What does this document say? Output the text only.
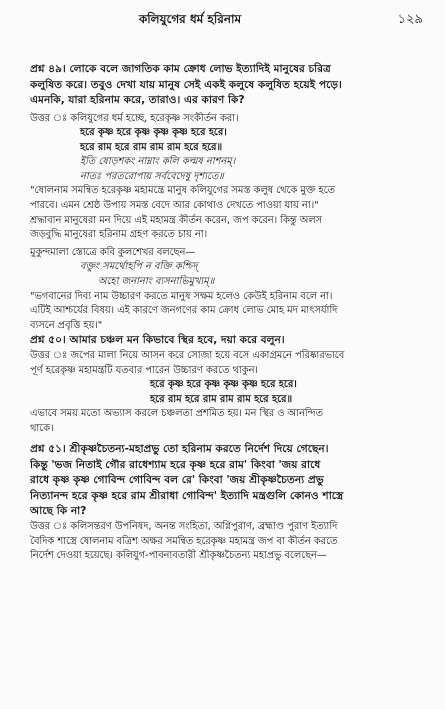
কলিযুগের ধর্ম হরিনাম	১২৯
প্রশ্ন ৪৯। লোকে বলে জাগতিক কাম ক্রোধ লোভ ইত্যাদিই মানুষের চরিত্র
কলুষিত করে। তবুও দেখা যায় মানুষ সেই একই কলুষে কলুষিত হয়েই পড়ে।
এমনকি, যারা হরিনাম করে, তারাও। এর কারণ কি?
উত্তর ঃ কলিযুগের ধর্ম হচ্ছে, হরেকৃষ্ণ সংকীর্তন করা।
হরে কৃষ্ণ হরে কৃষ্ণ কৃষ্ণ কৃষ্ণ হরে হরে।
হরে রাম হরে রাম রাম রাম হরে হরে॥
ইতি ষোড়শকং নাম্নাং কলি কল্মষ নাশনম্।
নাতঃ পরতরোপায় সর্ববেদেষু দৃশ্যতে॥
"ষোলনাম সমন্বিত হরেকৃষ্ণ মহামন্ত্রে মানুষ কলিযুগের সমস্ত কলুষ থেকে মুক্ত হতে
পারবে। এমন শ্রেষ্ঠ উপায় সমস্ত বেদে আর কোথাও দেখতে পাওয়া যায় না।"
শ্রদ্ধাবান মানুষেরা মন দিয়ে এই মহামন্ত্র কীর্তন করেন, জপ করেন। কিন্তু অলস
জড়বুদ্ধি মানুষেরা হরিনাম গ্রহণ করতে চায় না।
মুকুন্দমালা স্তোত্রে কবি কুলশেখর বলছেন—
বক্তুং সমর্থোহপি ন বক্তি কশ্চিদ্
অহো জনানাং ব্যসনাভিমুখ্যম্॥
"ভগবানের দিব্য নাম উচ্চারণ করতে মানুষ সক্ষম হলেও কেউই হরিনাম বলে না।
এটিই আশ্চর্যের বিষয়। এই কারণে জনগণের কাম ক্রোধ লোভ মোহ মদ মাৎসর্যাদি
ব্যসনে প্রবৃত্তি হয়।"
প্রশ্ন ৫০। আমার চঞ্চল মন কিভাবে স্থির হবে, দয়া করে বলুন।
উত্তর ঃ জপের মালা নিয়ে আসন করে সোজা হয়ে বসে একাগ্রমনে পরিষ্কারভাবে
পূর্ণ হরেকৃষ্ণ মহামন্ত্রটি যতবার পারেন উচ্চারণ করতে থাকুন।
হরে কৃষ্ণ হরে কৃষ্ণ কৃষ্ণ কৃষ্ণ হরে হরে।
হরে রাম হরে রাম রাম রাম হরে হরে॥
এভাবে সময় মতো অভ্যাস করলে চঞ্চলতা প্রশমিত হয়। মন স্থির ও আনন্দিত
থাকে।
প্রশ্ন ৫১। শ্রীকৃষ্ণচৈতন্য-মহাপ্রভু তো হরিনাম করতে নির্দেশ দিয়ে গেছেন।
কিন্তু 'ভজ নিতাই গৌর রাধেশ্যাম হরে কৃষ্ণ হরে রাম' কিংবা 'জয় রাধে
রাধে কৃষ্ণ কৃষ্ণ গোবিন্দ গোবিন্দ বল রে' কিংবা 'জয় শ্রীকৃষ্ণচৈতন্য প্রভু
নিত্যানন্দ হরে কৃষ্ণ হরে রাম শ্রীরাধা গোবিন্দ' ইত্যাদি মন্ত্রগুলি কোনও শাস্ত্রে
আছে কি না?
উত্তর ঃ কলিসন্তরণ উপনিষদ, অনন্ত সংহিতা, অগ্নিপুরাণ, ব্রহ্মাণ্ড পুরাণ ইত্যাদি
বৈদিক শাস্ত্রে ষোলনাম বত্রিশ অক্ষর সমন্বিত হরেকৃষ্ণ মহামন্ত্র জপ বা কীর্তন করতে
নির্দেশ দেওয়া হয়েছে। কলিযুগ-পাবনাবতারী শ্রীকৃষ্ণচৈতন্য মহাপ্রভু বলেছেন—
